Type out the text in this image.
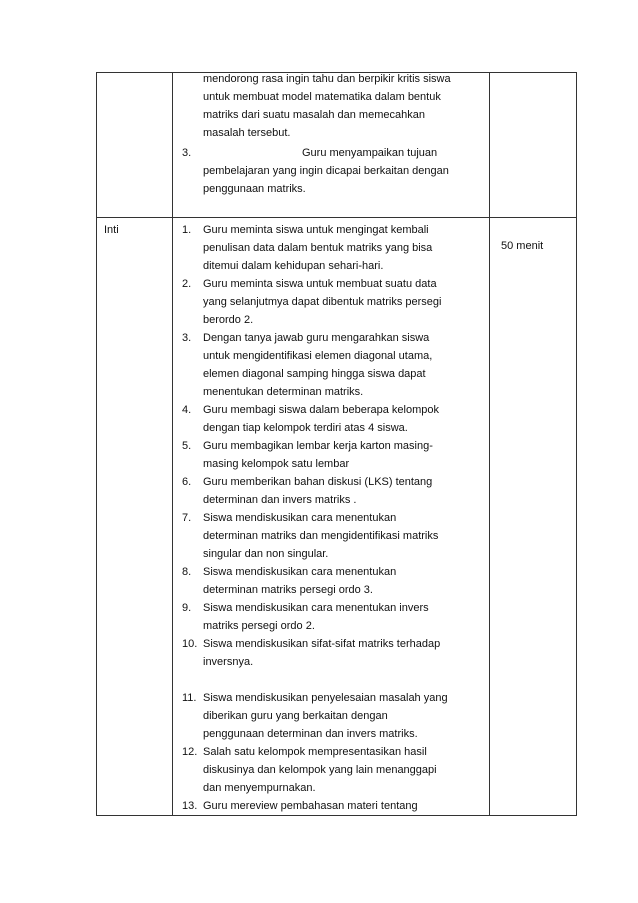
mendorong rasa ingin tahu dan berpikir kritis siswa
untuk membuat model matematika dalam bentuk
matriks dari suatu masalah dan memecahkan
masalah tersebut.
3.	Guru menyampaikan tujuan
pembelajaran yang ingin dicapai berkaitan dengan
penggunaan matriks.
Inti
50 menit
1. Guru meminta siswa untuk mengingat kembali
penulisan data dalam bentuk matriks yang bisa
ditemui dalam kehidupan sehari-hari.
2. Guru meminta siswa untuk membuat suatu data
yang selanjutmya dapat dibentuk matriks persegi
berordo 2.
3. Dengan tanya jawab guru mengarahkan siswa
untuk mengidentifikasi elemen diagonal utama,
elemen diagonal samping hingga siswa dapat
menentukan determinan matriks.
4. Guru membagi siswa dalam beberapa kelompok
dengan tiap kelompok terdiri atas 4 siswa.
5. Guru membagikan lembar kerja karton masing-
masing kelompok satu lembar
6. Guru memberikan bahan diskusi (LKS) tentang
determinan dan invers matriks .
7. Siswa mendiskusikan cara menentukan
determinan matriks dan mengidentifikasi matriks
singular dan non singular.
8. Siswa mendiskusikan cara menentukan
determinan matriks persegi ordo 3.
9. Siswa mendiskusikan cara menentukan invers
matriks persegi ordo 2.
10. Siswa mendiskusikan sifat-sifat matriks terhadap
inversnya.
11. Siswa mendiskusikan penyelesaian masalah yang
diberikan guru yang berkaitan dengan
penggunaan determinan dan invers matriks.
12. Salah satu kelompok mempresentasikan hasil
diskusinya dan kelompok yang lain menanggapi
dan menyempurnakan.
13. Guru mereview pembahasan materi tentang
